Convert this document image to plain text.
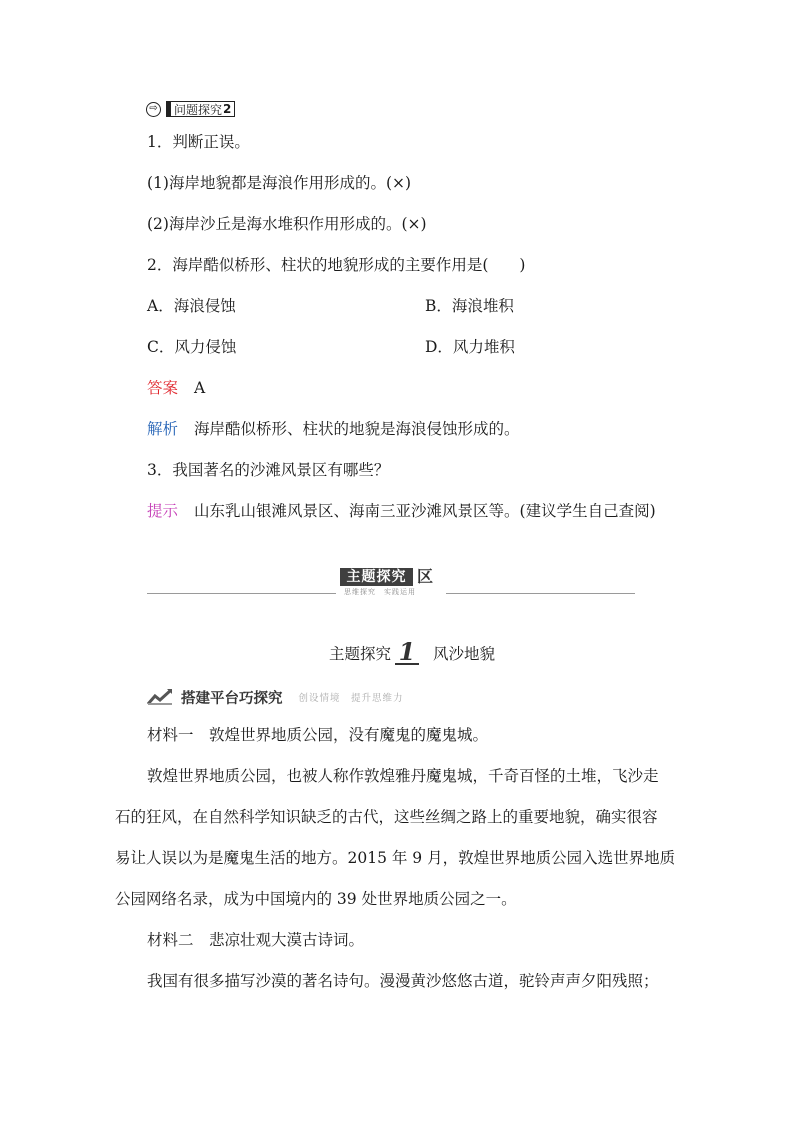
⇨ 问题探究 2
1．判断正误。
(1)海岸地貌都是海浪作用形成的。(×)
(2)海岸沙丘是海水堆积作用形成的。(×)
2．海岸酷似桥形、柱状的地貌形成的主要作用是(　　)
A．海浪侵蚀	B．海浪堆积
C．风力侵蚀	D．风力堆积
答案 A
解析 海岸酷似桥形、柱状的地貌是海浪侵蚀形成的。
3．我国著名的沙滩风景区有哪些？
提示 山东乳山银滩风景区、海南三亚沙滩风景区等。(建议学生自己查阅)
主题探究 区
思维探究　实践运用
主题探究 1 风沙地貌
搭建平台巧探究 创设情境　提升思维力
材料一　敦煌世界地质公园，没有魔鬼的魔鬼城。
敦煌世界地质公园，也被人称作敦煌雅丹魔鬼城，千奇百怪的土堆，飞沙走
石的狂风，在自然科学知识缺乏的古代，这些丝绸之路上的重要地貌，确实很容
易让人误以为是魔鬼生活的地方。2015 年 9 月，敦煌世界地质公园入选世界地质
公园网络名录，成为中国境内的 39 处世界地质公园之一。
材料二　悲凉壮观大漠古诗词。
我国有很多描写沙漠的著名诗句。漫漫黄沙悠悠古道，驼铃声声夕阳残照；
